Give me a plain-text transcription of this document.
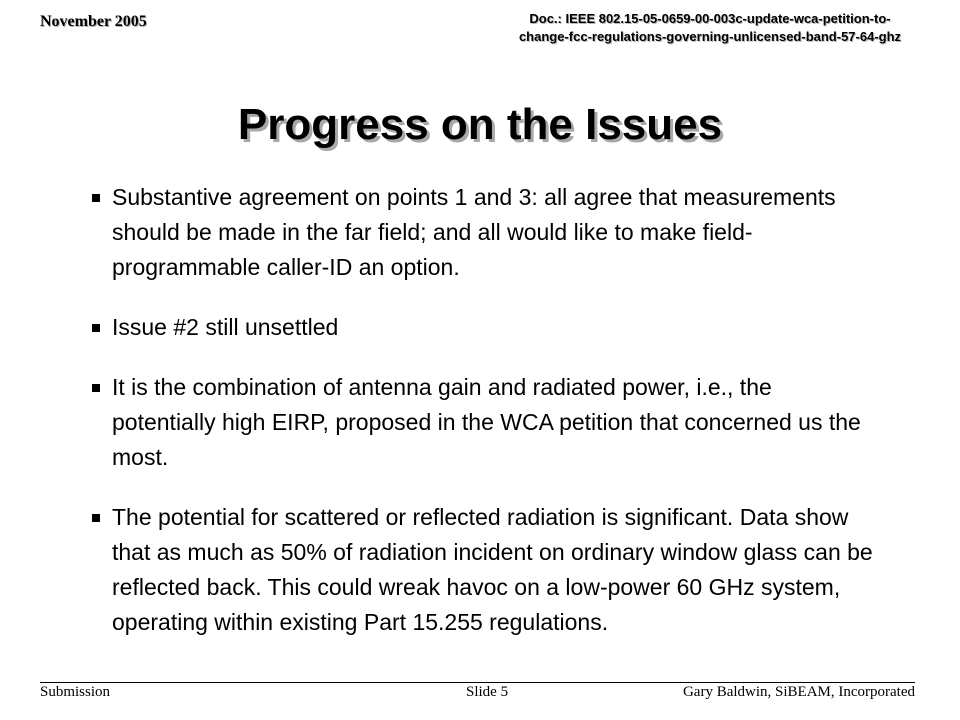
November 2005	Doc.: IEEE 802.15-05-0659-00-003c-update-wca-petition-to-
change-fcc-regulations-governing-unlicensed-band-57-64-ghz
Progress on the Issues
Substantive agreement on points 1 and 3: all agree that measurements should be made in the far field; and all would like to make field-programmable caller-ID an option.
Issue #2 still unsettled
It is the combination of antenna gain and radiated power, i.e., the potentially high EIRP, proposed in the WCA petition that concerned us the most.
The potential for scattered or reflected radiation is significant. Data show that as much as 50% of radiation incident on ordinary window glass can be reflected back. This could wreak havoc on a low-power 60 GHz system, operating within existing Part 15.255 regulations.
Submission	Slide 5	Gary Baldwin, SiBEAM, Incorporated
